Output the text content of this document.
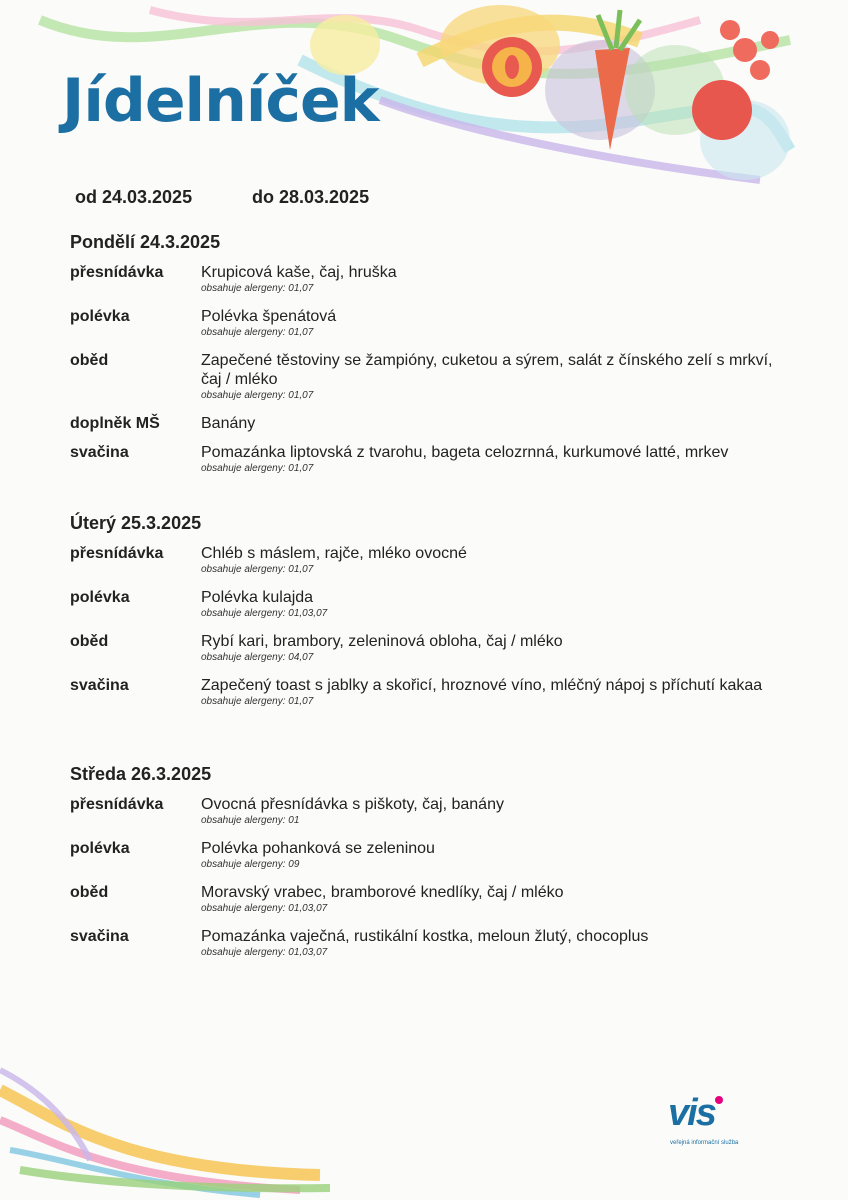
Jídelníček
od 24.03.2025	do 28.03.2025
Pondělí 24.3.2025
přesnídávka	Krupicová kaše, čaj, hruška
obsahuje alergeny: 01,07
polévka	Polévka špenátová
obsahuje alergeny: 01,07
oběd	Zapečené těstoviny se žampióny, cuketou a sýrem, salát z čínského zelí s mrkví, čaj / mléko
obsahuje alergeny: 01,07
doplněk MŠ	Banány
svačina	Pomazánka liptovská z tvarohu, bageta celozrnná, kurkumové latté, mrkev
obsahuje alergeny: 01,07
Úterý 25.3.2025
přesnídávka	Chléb s máslem, rajče, mléko ovocné
obsahuje alergeny: 01,07
polévka	Polévka kulajda
obsahuje alergeny: 01,03,07
oběd	Rybí kari, brambory, zeleninová obloha, čaj / mléko
obsahuje alergeny: 04,07
svačina	Zapečený toast s jablky a skořicí, hroznové víno, mléčný nápoj s příchutí kakaa
obsahuje alergeny: 01,07
Středa 26.3.2025
přesnídávka	Ovocná přesnídávka s piškoty, čaj, banány
obsahuje alergeny: 01
polévka	Polévka pohanková se zeleninou
obsahuje alergeny: 09
oběd	Moravský vrabec, bramborové knedlíky, čaj / mléko
obsahuje alergeny: 01,03,07
svačina	Pomazánka vaječná, rustikální kostka, meloun žlutý, chocoplus
obsahuje alergeny: 01,03,07
vis
veřejná informační služba
